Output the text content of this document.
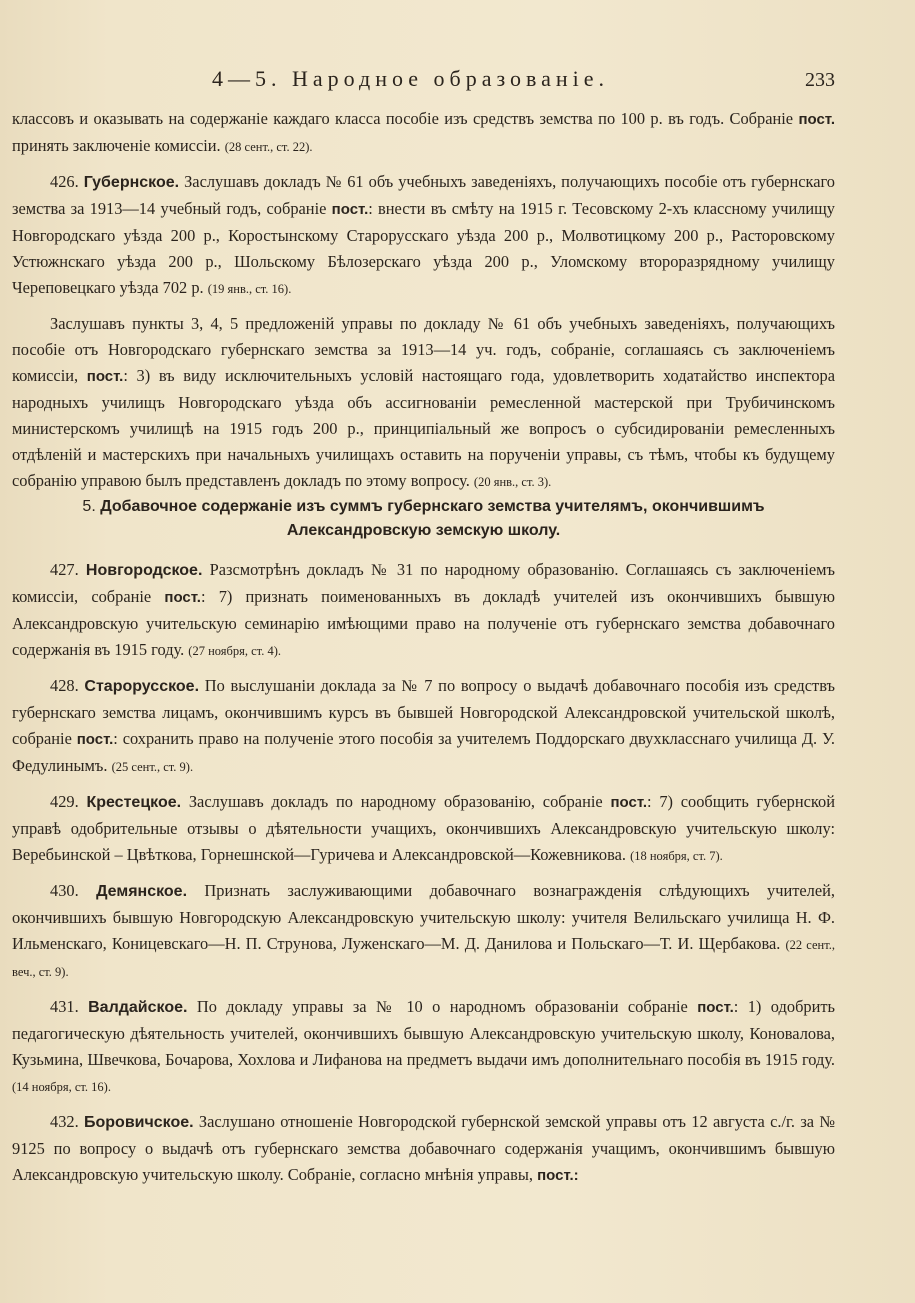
4—5. Народное образованіе.	233

классовъ и оказывать на содержаніе каждаго класса пособіе изъ средствъ земства по 100 р. въ годъ. Собраніе пост. принять заключеніе комиссіи. (28 сент., ст. 22).

426. Губернское. Заслушавъ докладъ № 61 объ учебныхъ заведеніяхъ, получающихъ пособіе отъ губернскаго земства за 1913—14 учебный годъ, собраніе пост.: внести въ смѣту на 1915 г. Тесовскому 2-хъ классному училищу Новгородскаго уѣзда 200 р., Коростынскому Старорусскаго уѣзда 200 р., Молвотицкому 200 р., Расторовскому Устюжнскаго уѣзда 200 р., Шольскому Бѣлозерскаго уѣзда 200 р., Уломскому второразрядному училищу Череповецкаго уѣзда 702 р. (19 янв., ст. 16).

Заслушавъ пункты 3, 4, 5 предложеній управы по докладу № 61 объ учебныхъ заведеніяхъ, получающихъ пособіе отъ Новгородскаго губернскаго земства за 1913—14 уч. годъ, собраніе, соглашаясь съ заключеніемъ комиссіи, пост.: 3) въ виду исключительныхъ условій настоящаго года, удовлетворить ходатайство инспектора народныхъ училищъ Новгородскаго уѣзда объ ассигнованіи ремесленной мастерской при Трубичинскомъ министерскомъ училищѣ на 1915 годъ 200 р., принципіальный же вопросъ о субсидированіи ремесленныхъ отдѣленій и мастерскихъ при начальныхъ училищахъ оставить на порученіи управы, съ тѣмъ, чтобы къ будущему собранію управою былъ представленъ докладъ по этому вопросу. (20 янв., ст. 3).

5. Добавочное содержаніе изъ суммъ губернскаго земства учителямъ, окончившимъ Александровскую земскую школу.

427. Новгородское. Разсмотрѣнъ докладъ № 31 по народному образованію. Соглашаясь съ заключеніемъ комиссіи, собраніе пост.: 7) признать поименованныхъ въ докладѣ учителей изъ окончившихъ бывшую Александровскую учительскую семинарію имѣющими право на полученіе отъ губернскаго земства добавочнаго содержанія въ 1915 году. (27 ноября, ст. 4).

428. Старорусское. По выслушаніи доклада за № 7 по вопросу о выдачѣ добавочнаго пособія изъ средствъ губернскаго земства лицамъ, окончившимъ курсъ въ бывшей Новгородской Александровской учительской школѣ, собраніе пост.: сохранить право на полученіе этого пособія за учителемъ Поддорскаго двухкласснаго училища Д. У. Федулинымъ. (25 сент., ст. 9).

429. Крестецкое. Заслушавъ докладъ по народному образованію, собраніе пост.: 7) сообщить губернской управѣ одобрительные отзывы о дѣятельности учащихъ, окончившихъ Александровскую учительскую школу: Веребьинской – Цвѣткова, Горнешнской—Гуричева и Александровской—Кожевникова. (18 ноября, ст. 7).

430. Демянское. Признать заслуживающими добавочнаго вознагражденія слѣдующихъ учителей, окончившихъ бывшую Новгородскую Александровскую учительскую школу: учителя Велильскаго училища Н. Ф. Ильменскаго, Коницевскаго—Н. П. Струнова, Луженскаго—М. Д. Данилова и Польскаго—Т. И. Щербакова. (22 сент., веч., ст. 9).

431. Валдайское. По докладу управы за № 10 о народномъ образованіи собраніе пост.: 1) одобрить педагогическую дѣятельность учителей, окончившихъ бывшую Александровскую учительскую школу, Коновалова, Кузьмина, Швечкова, Бочарова, Хохлова и Лифанова на предметъ выдачи имъ дополнительнаго пособія въ 1915 году. (14 ноября, ст. 16).

432. Боровичское. Заслушано отношеніе Новгородской губернской земской управы отъ 12 августа с./г. за № 9125 по вопросу о выдачѣ отъ губернскаго земства добавочнаго содержанія учащимъ, окончившимъ бывшую Александровскую учительскую школу. Собраніе, согласно мнѣнія управы, пост.:
